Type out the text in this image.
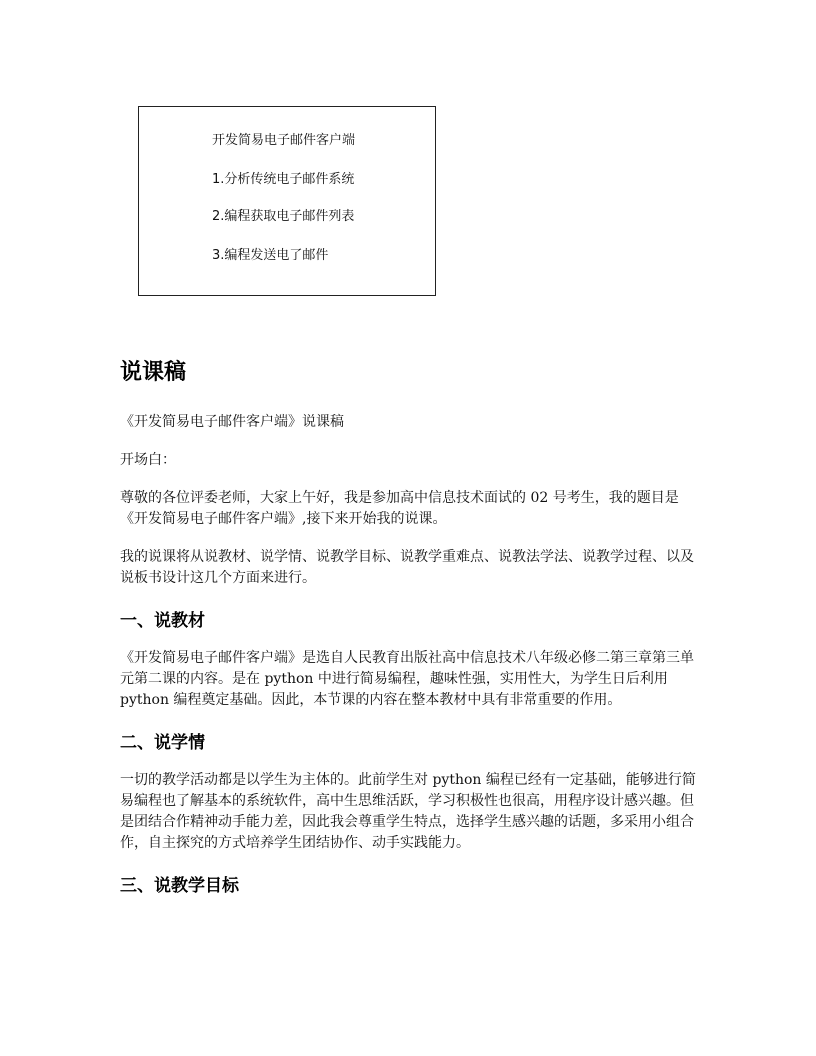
开发简易电子邮件客户端
1.分析传统电子邮件系统
2.编程获取电子邮件列表
3.编程发送电了邮件
说课稿

《开发简易电子邮件客户端》说课稿

开场白：

尊敬的各位评委老师，大家上午好，我是参加高中信息技术面试的 02 号考生，我的题目是《开发简易电子邮件客户端》,接下来开始我的说课。

我的说课将从说教材、说学情、说教学目标、说教学重难点、说教法学法、说教学过程、以及说板书设计这几个方面来进行。

一、说教材

《开发简易电子邮件客户端》是选自人民教育出版社高中信息技术八年级必修二第三章第三单元第二课的内容。是在 python 中进行简易编程，趣味性强，实用性大，为学生日后利用 python 编程奠定基础。因此，本节课的内容在整本教材中具有非常重要的作用。

二、说学情

一切的教学活动都是以学生为主体的。此前学生对 python 编程已经有一定基础，能够进行简易编程也了解基本的系统软件，高中生思维活跃，学习积极性也很高，用程序设计感兴趣。但是团结合作精神动手能力差，因此我会尊重学生特点，选择学生感兴趣的话题，多采用小组合作，自主探究的方式培养学生团结协作、动手实践能力。

三、说教学目标
